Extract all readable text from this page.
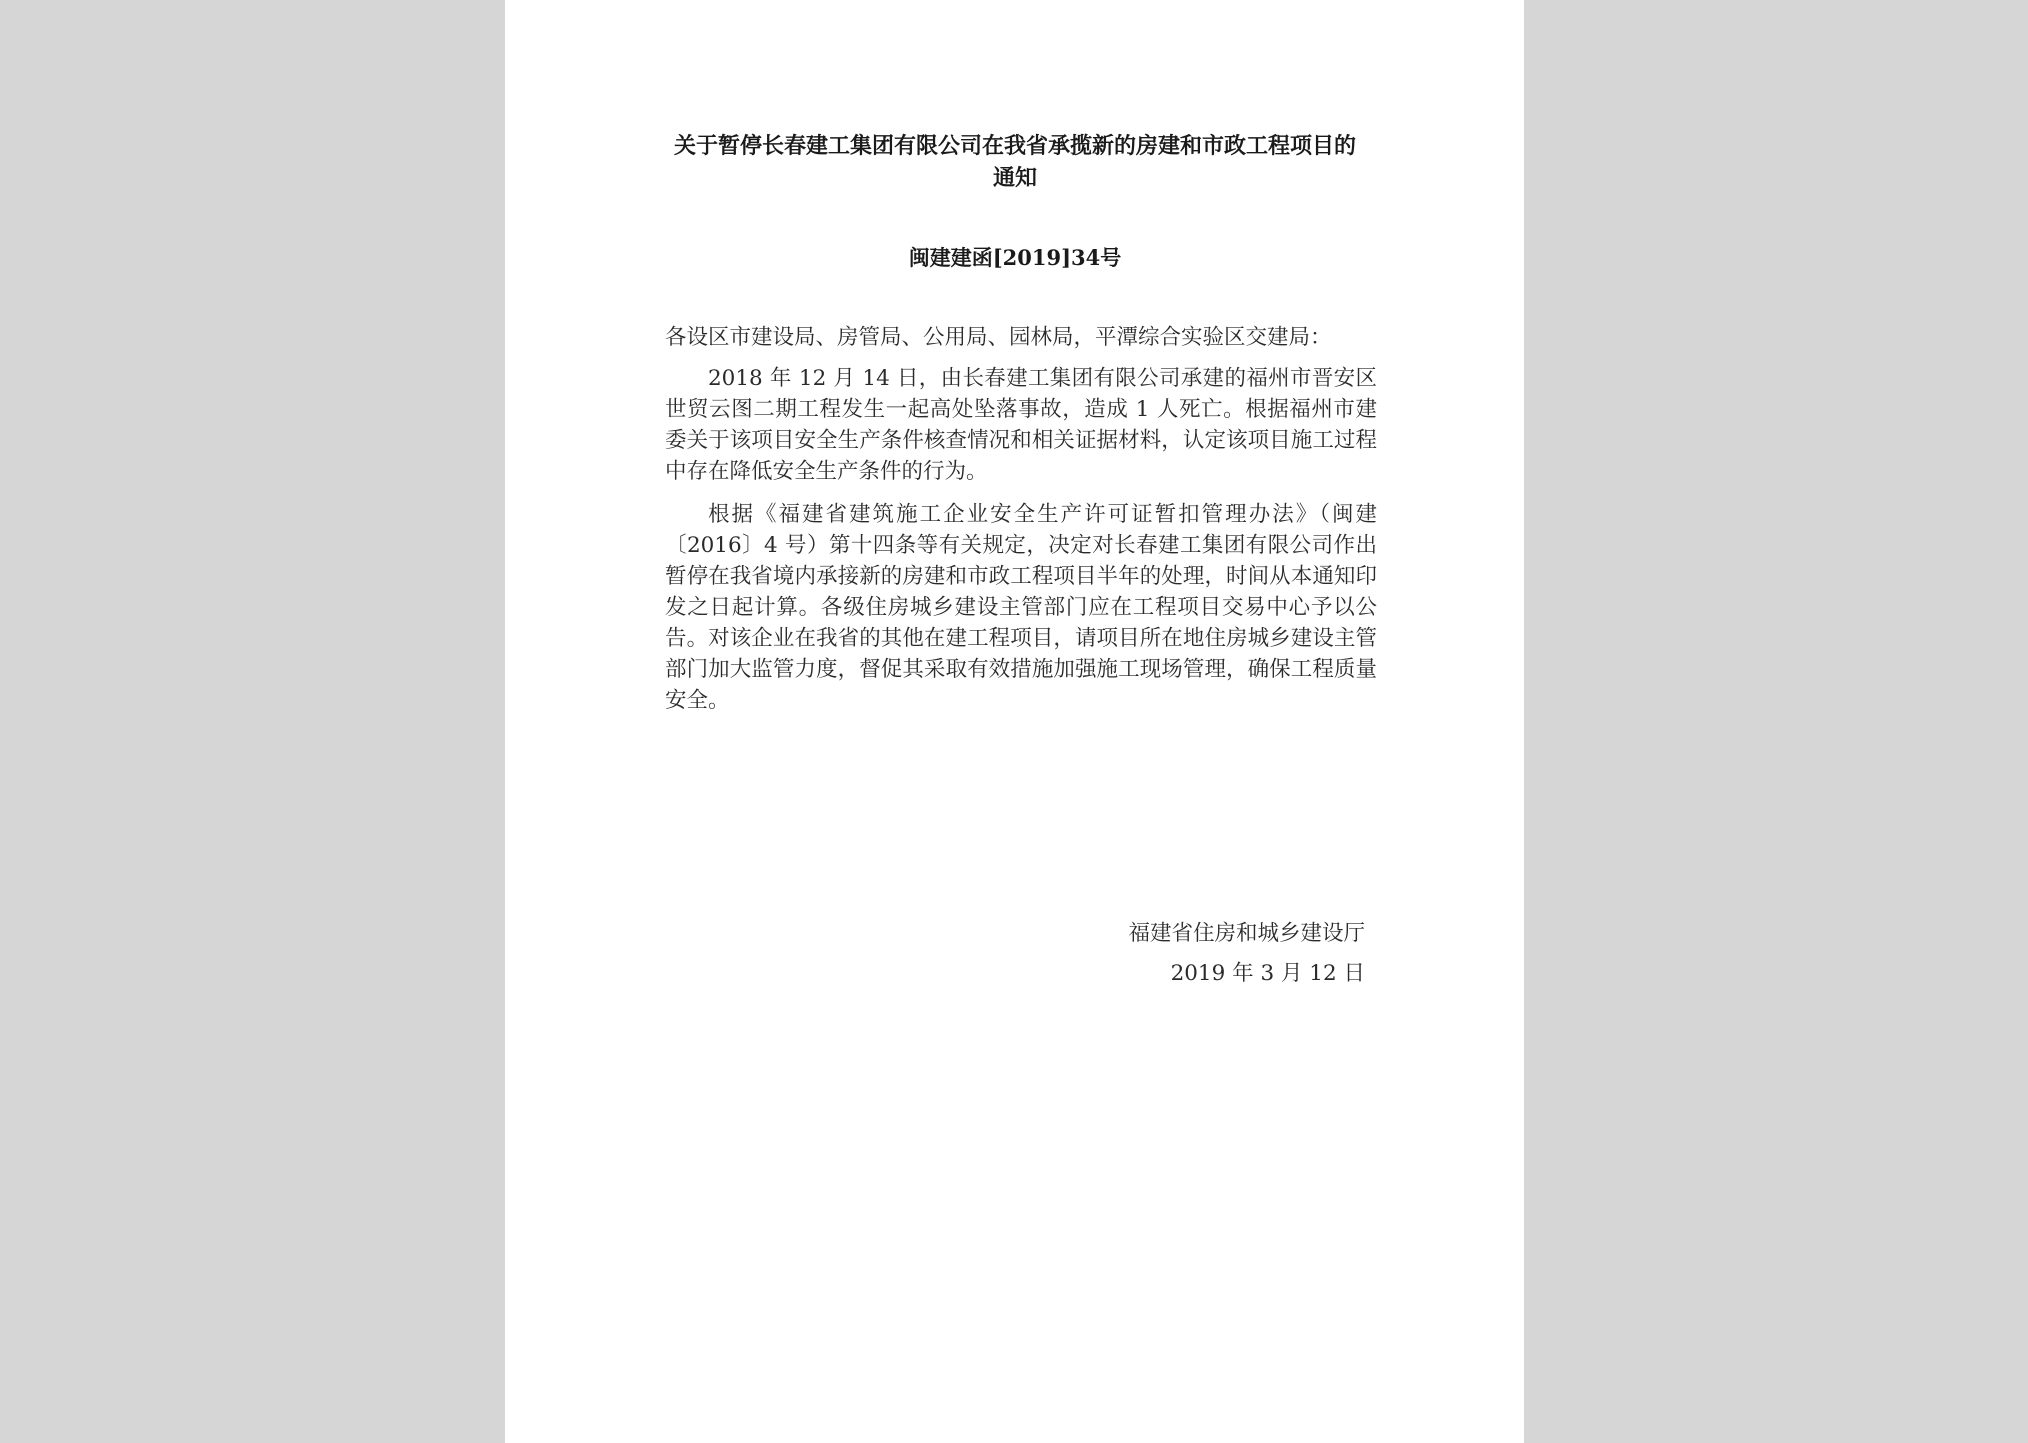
关于暂停长春建工集团有限公司在我省承揽新的房建和市政工程项目的通知
闽建建函[2019]34号

各设区市建设局、房管局、公用局、园林局，平潭综合实验区交建局：

2018 年 12 月 14 日，由长春建工集团有限公司承建的福州市晋安区世贸云图二期工程发生一起高处坠落事故，造成 1 人死亡。根据福州市建委关于该项目安全生产条件核查情况和相关证据材料，认定该项目施工过程中存在降低安全生产条件的行为。

根据《福建省建筑施工企业安全生产许可证暂扣管理办法》（闽建〔2016〕4 号）第十四条等有关规定，决定对长春建工集团有限公司作出暂停在我省境内承接新的房建和市政工程项目半年的处理，时间从本通知印发之日起计算。各级住房城乡建设主管部门应在工程项目交易中心予以公告。对该企业在我省的其他在建工程项目，请项目所在地住房城乡建设主管部门加大监管力度，督促其采取有效措施加强施工现场管理，确保工程质量安全。

福建省住房和城乡建设厅
2019 年 3 月 12 日
